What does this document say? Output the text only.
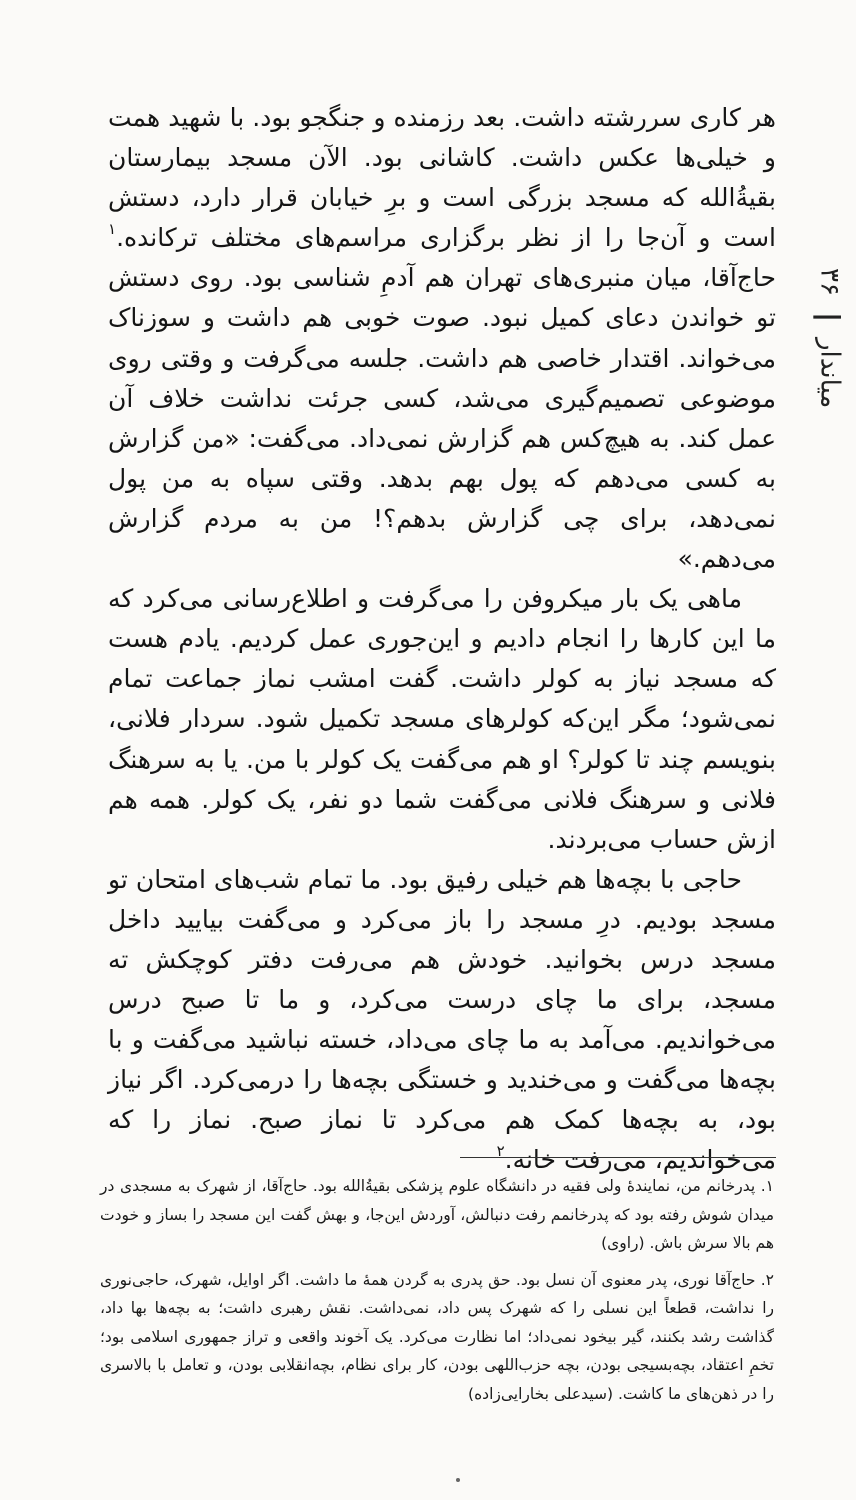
۳۶
|
میاندار

هر کاری سررشته داشت. بعد رزمنده و جنگجو بود. با شهید همت و خیلی‌ها عکس داشت. کاشانی بود. الآن مسجد بیمارستان بقیةُ‌الله که مسجد بزرگی است و برِ خیابان قرار دارد، دستش است و آن‌جا را از نظر برگزاری مراسم‌های مختلف ترکانده.$^۱$ حاج‌آقا، میان منبری‌های تهران هم آدمِ شناسی بود. روی دستش تو خواندن دعای کمیل نبود. صوت خوبی هم داشت و سوزناک می‌خواند. اقتدار خاصی هم داشت. جلسه می‌گرفت و وقتی روی موضوعی تصمیم‌گیری می‌شد، کسی جرئت نداشت خلاف آن عمل کند. به هیچ‌کس هم گزارش نمی‌داد. می‌گفت: «من گزارش به کسی می‌دهم که پول بهم بدهد. وقتی سپاه به من پول نمی‌دهد، برای چی گزارش بدهم؟! من به مردم گزارش می‌دهم.»

ماهی یک بار میکروفن را می‌گرفت و اطلاع‌رسانی می‌کرد که ما این کارها را انجام دادیم و این‌جوری عمل کردیم. یادم هست که مسجد نیاز به کولر داشت. گفت امشب نماز جماعت تمام نمی‌شود؛ مگر این‌که کولرهای مسجد تکمیل شود. سردار فلانی، بنویسم چند تا کولر؟ او هم می‌گفت یک کولر با من. یا به سرهنگ فلانی و سرهنگ فلانی می‌گفت شما دو نفر، یک کولر. همه هم ازش حساب می‌بردند.

حاجی با بچه‌ها هم خیلی رفیق بود. ما تمام شب‌های امتحان تو مسجد بودیم. درِ مسجد را باز می‌کرد و می‌گفت بیایید داخل مسجد درس بخوانید. خودش هم می‌رفت دفتر کوچکش ته مسجد، برای ما چای درست می‌کرد، و ما تا صبح درس می‌خواندیم. می‌آمد به ما چای می‌داد، خسته نباشید می‌گفت و با بچه‌ها می‌گفت و می‌خندید و خستگی بچه‌ها را درمی‌کرد. اگر نیاز بود، به بچه‌ها کمک هم می‌کرد تا نماز صبح. نماز را که می‌خواندیم، می‌رفت خانه.$^۲$

۱. پدرخانم من، نمایندهٔ ولی فقیه در دانشگاه علوم پزشکی بقیةُ‌الله بود. حاج‌آقا، از شهرک به مسجدی در میدان شوش رفته بود که پدرخانمم رفت دنبالش، آوردش این‌جا، و بهش گفت این مسجد را بساز و خودت هم بالا سرش باش. (راوی)

۲. حاج‌آقا نوری، پدر معنوی آن نسل بود. حق پدری به گردن همهٔ ما داشت. اگر اوایل، شهرک، حاجی‌نوری را نداشت، قطعاً این نسلی را که شهرک پس داد، نمی‌داشت. نقش رهبری داشت؛ به بچه‌ها بها داد، گذاشت رشد بکنند، گیر بیخود نمی‌داد؛ اما نظارت می‌کرد. یک آخوند واقعی و تراز جمهوری اسلامی بود؛ تخمِ اعتقاد، بچه‌بسیجی بودن، بچه حزب‌اللهی بودن، کار برای نظام، بچه‌انقلابی بودن، و تعامل با بالاسری را در ذهن‌های ما کاشت. (سیدعلی بخارایی‌زاده)
